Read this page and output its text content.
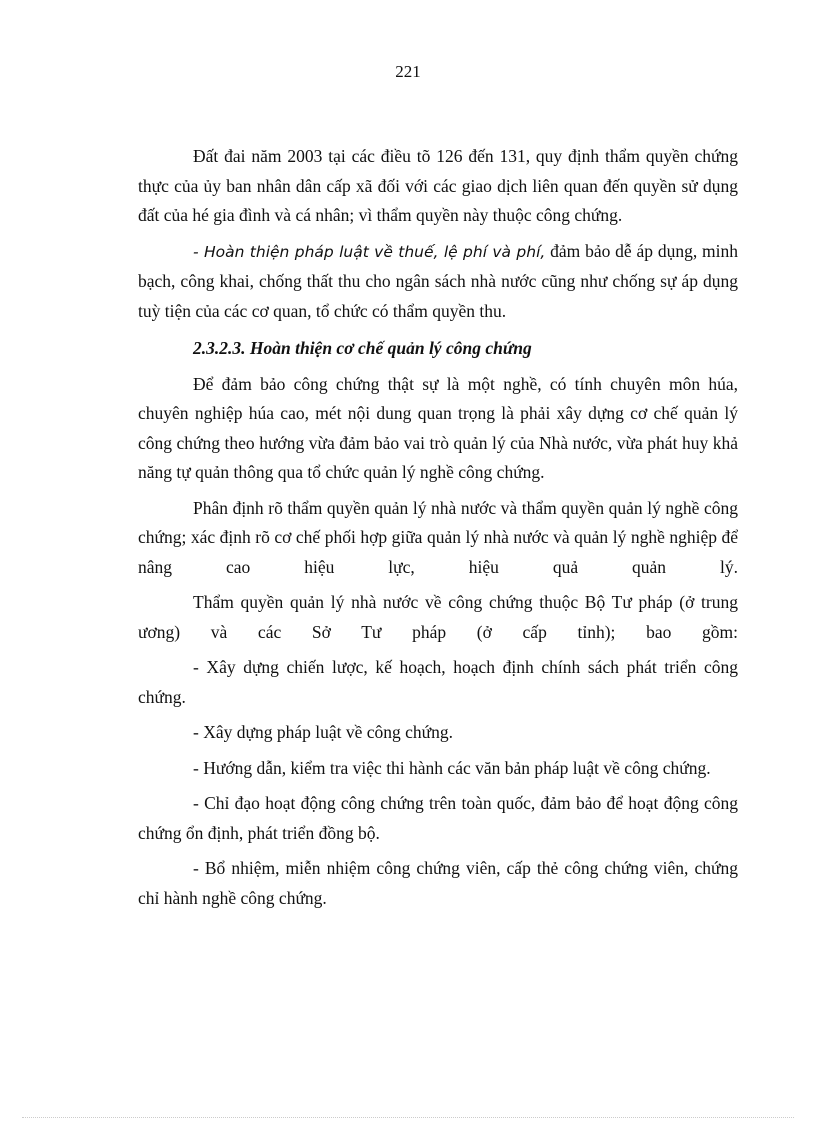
221

Đất đai năm 2003 tại các điều tõ 126 đến 131, quy định thẩm quyền chứng thực của ủy ban nhân dân cấp xã đối với các giao dịch liên quan đến quyền sử dụng đất của hé gia đình và cá nhân; vì thẩm quyền này thuộc công chứng.

- Hoàn thiện pháp luật về thuế, lệ phí và phí, đảm bảo dễ áp dụng, minh bạch, công khai, chống thất thu cho ngân sách nhà nước cũng như chống sự áp dụng tuỳ tiện của các cơ quan, tổ chức có thẩm quyền thu.

2.3.2.3. Hoàn thiện cơ chế quản lý công chứng

Để đảm bảo công chứng thật sự là một nghề, có tính chuyên môn húa, chuyên nghiệp húa cao, mét nội dung quan trọng là phải xây dựng cơ chế quản lý công chứng theo hướng vừa đảm bảo vai trò quản lý của Nhà nước, vừa phát huy khả năng tự quản thông qua tổ chức quản lý nghề công chứng.

Phân định rõ thẩm quyền quản lý nhà nước và thẩm quyền quản lý nghề công chứng; xác định rõ cơ chế phối hợp giữa quản lý nhà nước và quản lý nghề nghiệp để nâng cao hiệu lực, hiệu quả quản lý.

Thẩm quyền quản lý nhà nước về công chứng thuộc Bộ Tư pháp (ở trung ương) và các Sở Tư pháp (ở cấp tỉnh); bao gồm:

- Xây dựng chiến lược, kế hoạch, hoạch định chính sách phát triển công chứng.

- Xây dựng pháp luật về công chứng.

- Hướng dẫn, kiểm tra việc thi hành các văn bản pháp luật về công chứng.

- Chỉ đạo hoạt động công chứng trên toàn quốc, đảm bảo để hoạt động công chứng ổn định, phát triển đồng bộ.

- Bổ nhiệm, miễn nhiệm công chứng viên, cấp thẻ công chứng viên, chứng chỉ hành nghề công chứng.
